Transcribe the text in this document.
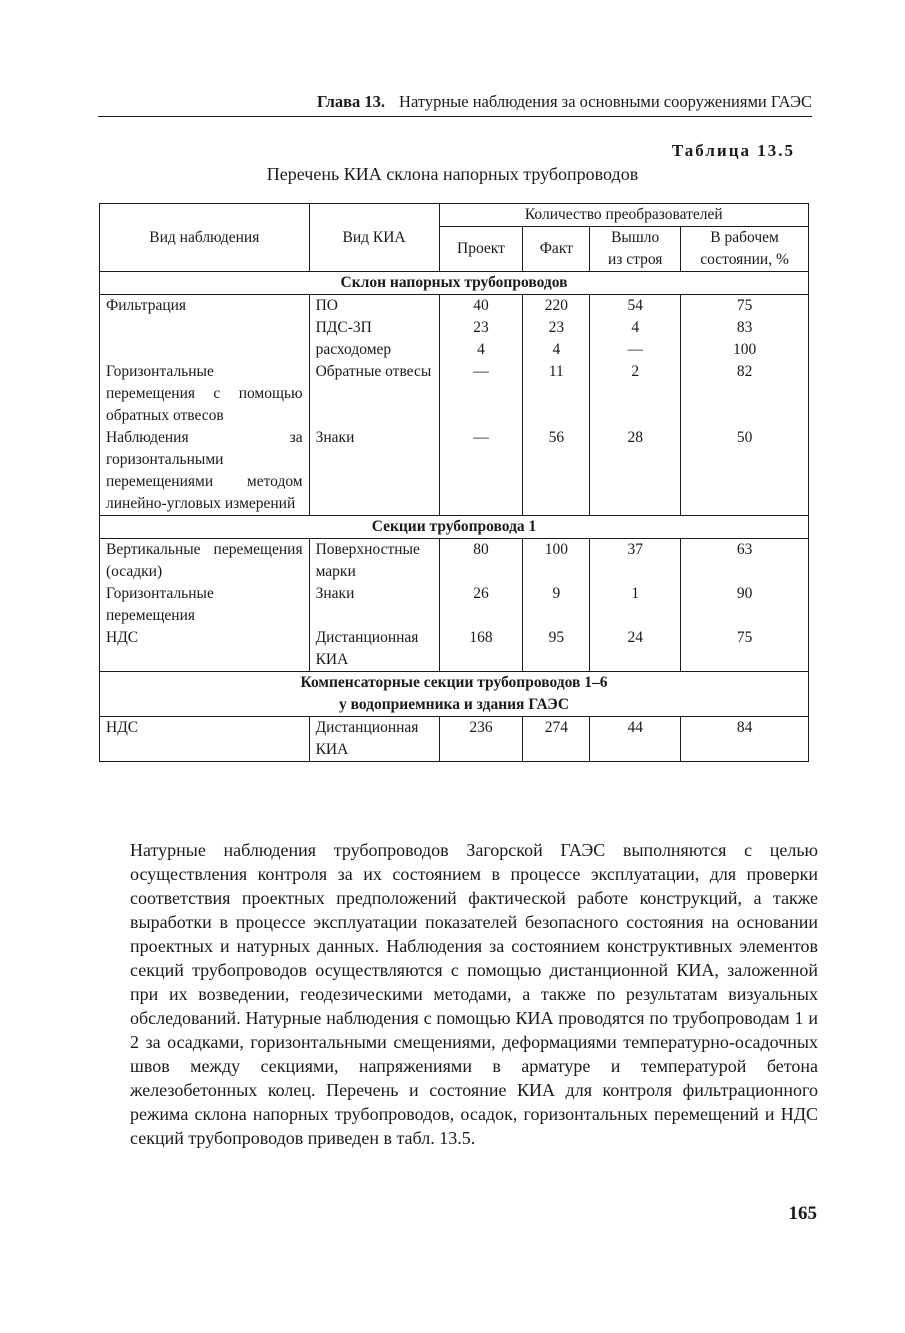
Глава 13. Натурные наблюдения за основными сооружениями ГАЭС
Таблица 13.5
Перечень КИА склона напорных трубопроводов
Вид наблюдения	Вид КИА	Количество преобразователей			
		Проект	Факт	Вышло из строя	В рабочем состоянии, %
Склон напорных трубопроводов					
Фильтрация	ПО	40	220	54	75
	ПДС-3П	23	23	4	83
	расходомер	4	4	—	100
Горизонтальные перемещения с помощью обратных отвесов	Обратные отвесы	—	11	2	82
Наблюдения за горизонтальными перемещениями методом линейно-угловых измерений	Знаки	—	56	28	50
Секции трубопровода 1					
Вертикальные перемещения (осадки)	Поверхностные марки	80	100	37	63
Горизонтальные перемещения	Знаки	26	9	1	90
НДС	Дистанционная КИА	168	95	24	75
Компенсаторные секции трубопроводов 1–6
у водоприемника и здания ГАЭС					
НДС	Дистанционная КИА	236	274	44	84

Натурные наблюдения трубопроводов Загорской ГАЭС выполняются с целью осуществления контроля за их состоянием в процессе эксплуатации, для проверки соответствия проектных предположений фактической работе конструкций, а также выработки в процессе эксплуатации показателей безопасного состояния на основании проектных и натурных данных. Наблюдения за состоянием конструктивных элементов секций трубопроводов осуществляются с помощью дистанционной КИА, заложенной при их возведении, геодезическими методами, а также по результатам визуальных обследований. Натурные наблюдения с помощью КИА проводятся по трубопроводам 1 и 2 за осадками, горизонтальными смещениями, деформациями температурно-осадочных швов между секциями, напряжениями в арматуре и температурой бетона железобетонных колец. Перечень и состояние КИА для контроля фильтрационного режима склона напорных трубопроводов, осадок, горизонтальных перемещений и НДС секций трубопроводов приведен в табл. 13.5.

165
